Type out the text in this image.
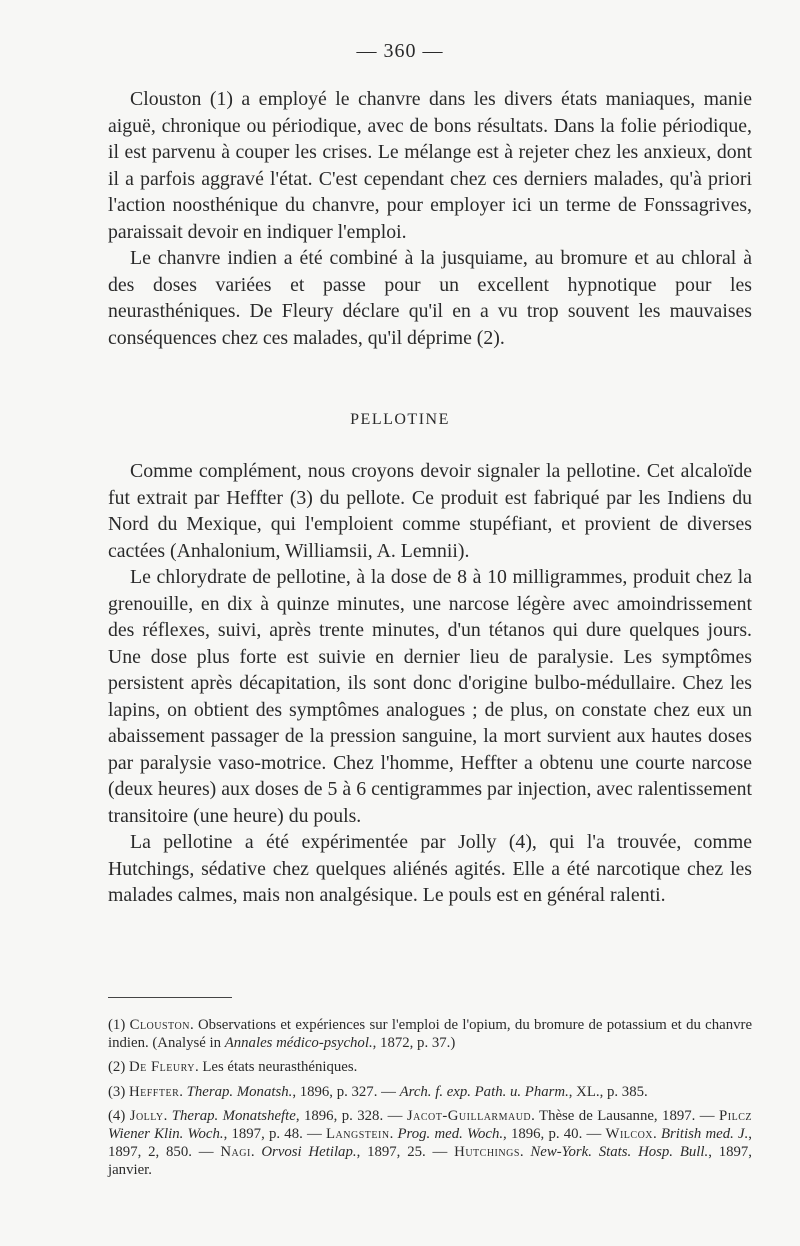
— 360 —

Clouston (1) a employé le chanvre dans les divers états maniaques, manie aiguë, chronique ou périodique, avec de bons résultats. Dans la folie périodique, il est parvenu à couper les crises. Le mélange est à rejeter chez les anxieux, dont il a parfois aggravé l'état. C'est cependant chez ces derniers malades, qu'à priori l'action noosthénique du chanvre, pour employer ici un terme de Fonssagrives, paraissait devoir en indiquer l'emploi.

Le chanvre indien a été combiné à la jusquiame, au bromure et au chloral à des doses variées et passe pour un excellent hypnotique pour les neurasthéniques. De Fleury déclare qu'il en a vu trop souvent les mauvaises conséquences chez ces malades, qu'il déprime (2).

PELLOTINE

Comme complément, nous croyons devoir signaler la pellotine. Cet alcaloïde fut extrait par Heffter (3) du pellote. Ce produit est fabriqué par les Indiens du Nord du Mexique, qui l'emploient comme stupéfiant, et provient de diverses cactées (Anhalonium, Williamsii, A. Lemnii).

Le chlorydrate de pellotine, à la dose de 8 à 10 milligrammes, produit chez la grenouille, en dix à quinze minutes, une narcose légère avec amoindrissement des réflexes, suivi, après trente minutes, d'un tétanos qui dure quelques jours. Une dose plus forte est suivie en dernier lieu de paralysie. Les symptômes persistent après décapitation, ils sont donc d'origine bulbo-médullaire. Chez les lapins, on obtient des symptômes analogues ; de plus, on constate chez eux un abaissement passager de la pression sanguine, la mort survient aux hautes doses par paralysie vaso-motrice. Chez l'homme, Heffter a obtenu une courte narcose (deux heures) aux doses de 5 à 6 centigrammes par injection, avec ralentissement transitoire (une heure) du pouls.

La pellotine a été expérimentée par Jolly (4), qui l'a trouvée, comme Hutchings, sédative chez quelques aliénés agités. Elle a été narcotique chez les malades calmes, mais non analgésique. Le pouls est en général ralenti.

(1) Clouston. Observations et expériences sur l'emploi de l'opium, du bromure de potassium et du chanvre indien. (Analysé in Annales médico-psychol., 1872, p. 37.)

(2) De Fleury. Les états neurasthéniques.

(3) Heffter. Therap. Monatsh., 1896, p. 327. — Arch. f. exp. Path. u. Pharm., XL., p. 385.

(4) Jolly. Therap. Monatshefte, 1896, p. 328. — Jacot-Guillarmaud. Thèse de Lausanne, 1897. — Pilcz Wiener Klin. Woch., 1897, p. 48. — Langstein. Prog. med. Woch., 1896, p. 40. — Wilcox. British med. J., 1897, 2, 850. — Nagi. Orvosi Hetilap., 1897, 25. — Hutchings. New-York. Stats. Hosp. Bull., 1897, janvier.
